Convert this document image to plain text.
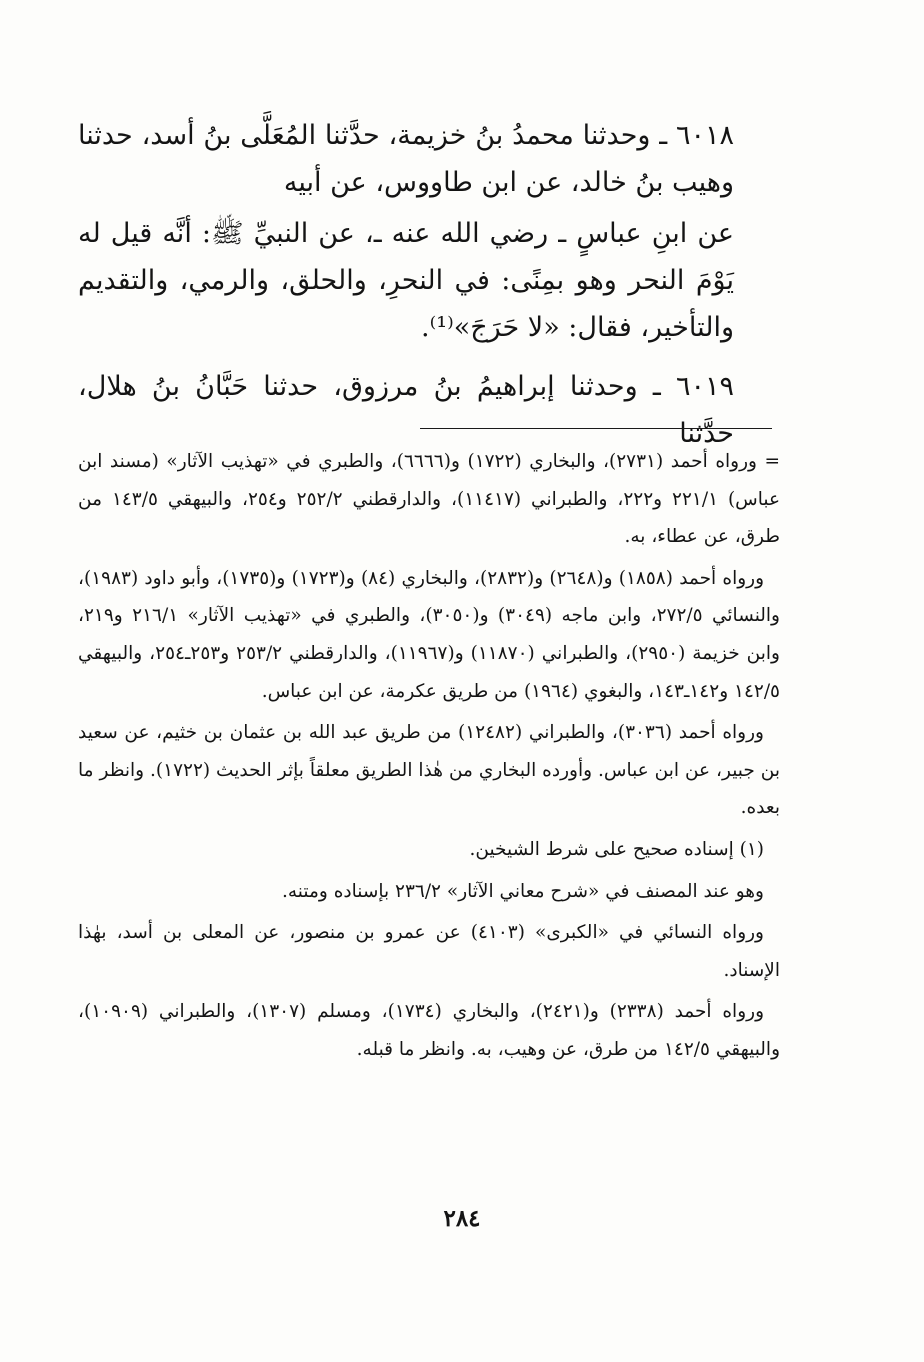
٦٠١٨ ـ وحدثنا محمدُ بنُ خزيمة، حدَّثنا المُعَلَّى بنُ أسد، حدثنا وهيب بنُ خالد، عن ابن طاووس، عن أبيه

عن ابنِ عباسٍ ـ رضي الله عنه ـ، عن النبيِّ ﷺ: أنَّه قيل له يَوْمَ النحر وهو بمِنًى: في النحرِ، والحلق، والرمي، والتقديم والتأخير، فقال: «لا حَرَجَ»⁽¹⁾.

٦٠١٩ ـ وحدثنا إبراهيمُ بنُ مرزوق، حدثنا حَبَّانُ بنُ هلال، حدَّثنا

= ورواه أحمد (٢٧٣١)، والبخاري (١٧٢٢) و(٦٦٦٦)، والطبري في «تهذيب الآثار» (مسند ابن عباس) ٢٢١/١ و٢٢٢، والطبراني (١١٤١٧)، والدارقطني ٢٥٢/٢ و٢٥٤، والبيهقي ١٤٣/٥ من طرق، عن عطاء، به.

ورواه أحمد (١٨٥٨) و(٢٦٤٨) و(٢٨٣٢)، والبخاري (٨٤) و(١٧٢٣) و(١٧٣٥)، وأبو داود (١٩٨٣)، والنسائي ٢٧٢/٥، وابن ماجه (٣٠٤٩) و(٣٠٥٠)، والطبري في «تهذيب الآثار» ٢١٦/١ و٢١٩، وابن خزيمة (٢٩٥٠)، والطبراني (١١٨٧٠) و(١١٩٦٧)، والدارقطني ٢٥٣/٢ و٢٥٣ـ٢٥٤، والبيهقي ١٤٢/٥ و١٤٢ـ١٤٣، والبغوي (١٩٦٤) من طريق عكرمة، عن ابن عباس.

ورواه أحمد (٣٠٣٦)، والطبراني (١٢٤٨٢) من طريق عبد الله بن عثمان بن خثيم، عن سعيد بن جبير، عن ابن عباس. وأورده البخاري من هٰذا الطريق معلقاً بإثر الحديث (١٧٢٢). وانظر ما بعده.

(١) إسناده صحيح على شرط الشيخين.

وهو عند المصنف في «شرح معاني الآثار» ٢٣٦/٢ بإسناده ومتنه.

ورواه النسائي في «الكبرى» (٤١٠٣) عن عمرو بن منصور، عن المعلى بن أسد، بهٰذا الإسناد.

ورواه أحمد (٢٣٣٨) و(٢٤٢١)، والبخاري (١٧٣٤)، ومسلم (١٣٠٧)، والطبراني (١٠٩٠٩)، والبيهقي ١٤٢/٥ من طرق، عن وهيب، به. وانظر ما قبله.

٢٨٤
